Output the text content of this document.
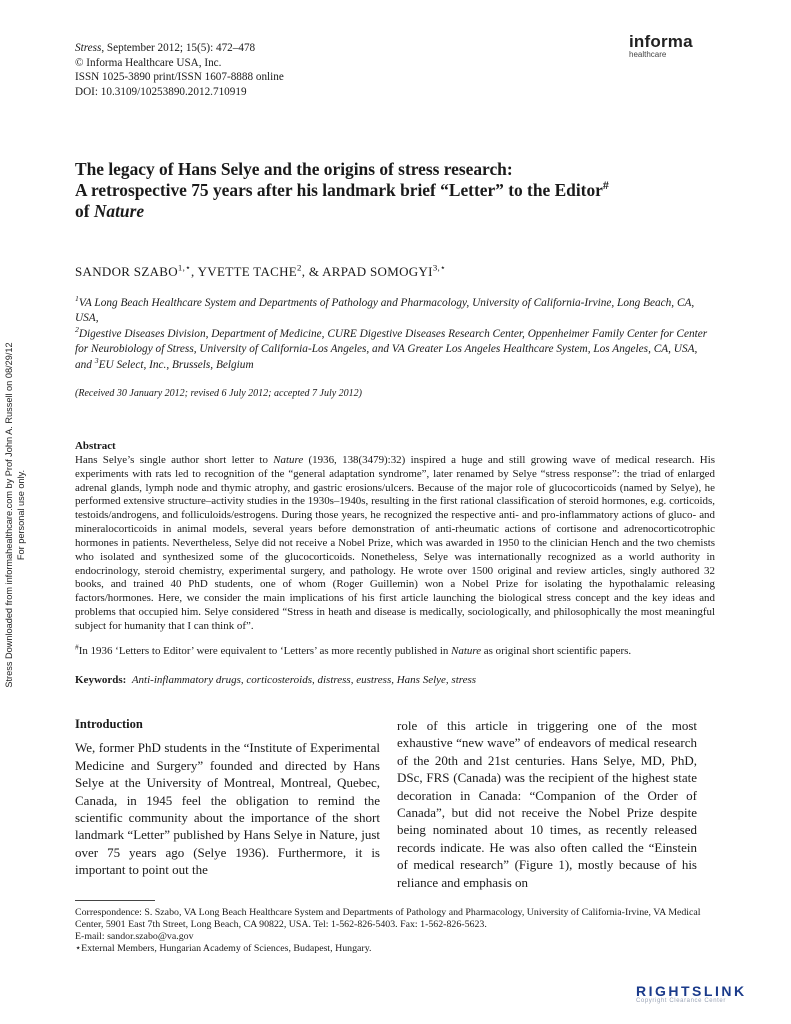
Stress, September 2012; 15(5): 472–478
© Informa Healthcare USA, Inc.
ISSN 1025-3890 print/ISSN 1607-8888 online
DOI: 10.3109/10253890.2012.710919
informa
healthcare
Stress Downloaded from informahealthcare.com by Prof John A. Russell on 08/29/12 For personal use only.
The legacy of Hans Selye and the origins of stress research:
A retrospective 75 years after his landmark brief “Letter” to the Editor#
of Nature
SANDOR $SZABO^{1,⋆}$, YVETTE TACHE$^2$, & ARPAD $SOMOGYI^{3,⋆}$
$^1$VA Long Beach Healthcare System and Departments of Pathology and Pharmacology, University of California-Irvine, Long Beach, CA, USA,
$^2$Digestive Diseases Division, Department of Medicine, CURE Digestive Diseases Research Center, Oppenheimer Family Center for Center for Neurobiology of Stress, University of California-Los Angeles, and VA Greater Los Angeles Healthcare System, Los Angeles, CA, USA, and $^3$EU Select, Inc., Brussels, Belgium
(Received 30 January 2012; revised 6 July 2012; accepted 7 July 2012)
Abstract
Hans Selye’s single author short letter to Nature (1936, 138(3479):32) inspired a huge and still growing wave of medical research. His experiments with rats led to recognition of the “general adaptation syndrome”, later renamed by Selye “stress response”: the triad of enlarged adrenal glands, lymph node and thymic atrophy, and gastric erosions/ulcers. Because of the major role of glucocorticoids (named by Selye), he performed extensive structure–activity studies in the 1930s–1940s, resulting in the first rational classification of steroid hormones, e.g. corticoids, testoids/androgens, and folliculoids/estrogens. During those years, he recognized the respective anti- and pro-inflammatory actions of gluco- and mineralocorticoids in animal models, several years before demonstration of anti-rheumatic actions of cortisone and adrenocorticotrophic hormones in patients. Nevertheless, Selye did not receive a Nobel Prize, which was awarded in 1950 to the clinician Hench and the two chemists who isolated and synthesized some of the glucocorticoids. Nonetheless, Selye was internationally recognized as a world authority in endocrinology, steroid chemistry, experimental surgery, and pathology. He wrote over 1500 original and review articles, singly authored 32 books, and trained 40 PhD students, one of whom (Roger Guillemin) won a Nobel Prize for isolating the hypothalamic releasing factors/hormones. Here, we consider the main implications of his first article launching the biological stress concept and the key ideas and problems that occupied him. Selye considered “Stress in heath and disease is medically, sociologically, and philosophically the most meaningful subject for humanity that I can think of”.
#In 1936 ‘Letters to Editor’ were equivalent to ‘Letters’ as more recently published in Nature as original short scientific papers.
Keywords: Anti-inflammatory drugs, corticosteroids, distress, eustress, Hans Selye, stress
Introduction
We, former PhD students in the “Institute of Experimental Medicine and Surgery” founded and directed by Hans Selye at the University of Montreal, Montreal, Quebec, Canada, in 1945 feel the obligation to remind the scientific community about the importance of the short landmark “Letter” published by Hans Selye in Nature, just over 75 years ago (Selye 1936). Furthermore, it is important to point out the
role of this article in triggering one of the most exhaustive “new wave” of endeavors of medical research of the 20th and 21st centuries. Hans Selye, MD, PhD, DSc, FRS (Canada) was the recipient of the highest state decoration in Canada: “Companion of the Order of Canada”, but did not receive the Nobel Prize despite being nominated about 10 times, as recently released records indicate. He was also often called the “Einstein of medical research” (Figure 1), mostly because of his reliance and emphasis on
Correspondence: S. Szabo, VA Long Beach Healthcare System and Departments of Pathology and Pharmacology, University of California-Irvine, VA Medical Center, 5901 East 7th Street, Long Beach, CA 90822, USA. Tel: 1-562-826-5403. Fax: 1-562-826-5623.
E-mail: sandor.szabo@va.gov
⋆External Members, Hungarian Academy of Sciences, Budapest, Hungary.
RIGHTSLINK
Copyright Clearance Center
